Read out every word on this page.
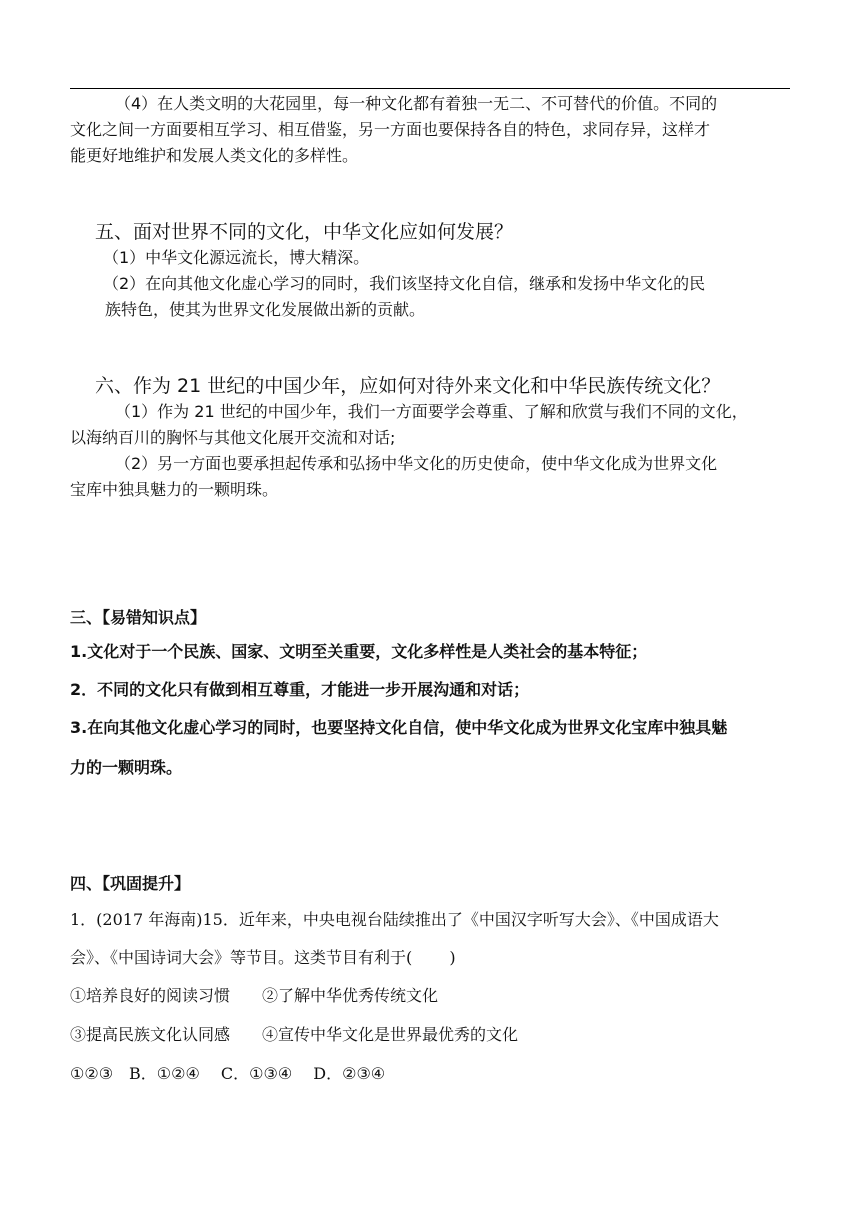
（4）在人类文明的大花园里，每一种文化都有着独一无二、不可替代的价值。不同的
文化之间一方面要相互学习、相互借鉴，另一方面也要保持各自的特色，求同存异，这样才
能更好地维护和发展人类文化的多样性。
五、面对世界不同的文化，中华文化应如何发展？
（1）中华文化源远流长，博大精深。
（2）在向其他文化虚心学习的同时，我们该坚持文化自信，继承和发扬中华文化的民
族特色，使其为世界文化发展做出新的贡献。
六、作为 21 世纪的中国少年，应如何对待外来文化和中华民族传统文化？
（1）作为 21 世纪的中国少年，我们一方面要学会尊重、了解和欣赏与我们不同的文化，
以海纳百川的胸怀与其他文化展开交流和对话;
（2）另一方面也要承担起传承和弘扬中华文化的历史使命，使中华文化成为世界文化
宝库中独具魅力的一颗明珠。
三、【易错知识点】
1.文化对于一个民族、国家、文明至关重要，文化多样性是人类社会的基本特征；
2．不同的文化只有做到相互尊重，才能进一步开展沟通和对话；
3.在向其他文化虚心学习的同时，也要坚持文化自信，使中华文化成为世界文化宝库中独具魅
力的一颗明珠。
四、【巩固提升】
1．(2017 年海南)15．近年来，中央电视台陆续推出了《中国汉字听写大会》、《中国成语大
会》、《中国诗词大会》等节目。这类节目有利于(　　 )
①培养良好的阅读习惯　　②了解中华优秀传统文化
③提高民族文化认同感　　④宣传中华文化是世界最优秀的文化
①②③　B．①②④　 C．①③④　 D．②③④
